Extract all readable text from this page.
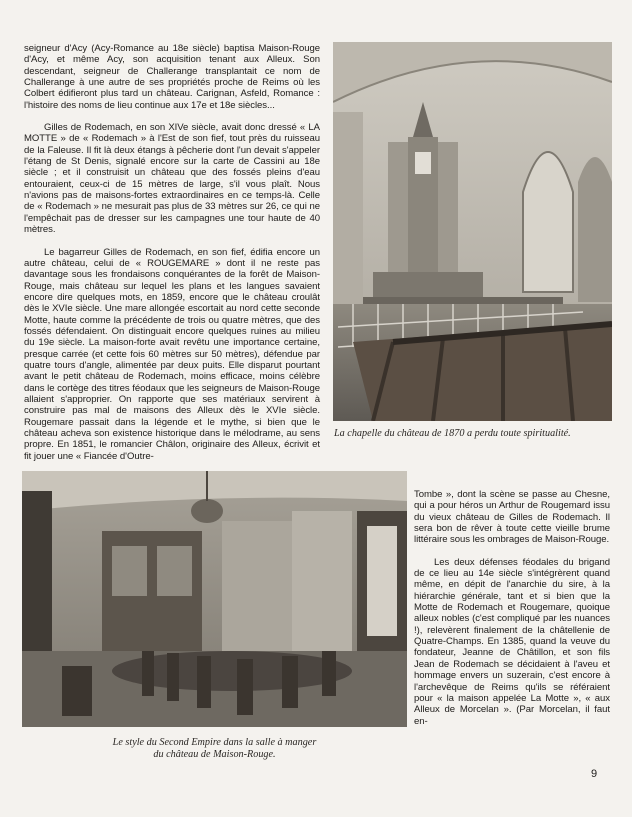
seigneur d'Acy (Acy-Romance au 18e siècle) baptisa Maison-Rouge d'Acy, et même Acy, son acquisition tenant aux Alleux. Son descendant, seigneur de Challerange transplantait ce nom de Challerange à une autre de ses propriétés proche de Reims où les Colbert édifieront plus tard un château. Carignan, Asfeld, Romance : l'histoire des noms de lieu continue aux 17e et 18e siècles...

Gilles de Rodemach, en son XIVe siècle, avait donc dressé « LA MOTTE » de « Rodemach » à l'Est de son fief, tout près du ruisseau de la Faleuse. Il fit là deux étangs à pêcherie dont l'un devait s'appeler l'étang de St Denis, signalé encore sur la carte de Cassini au 18e siècle ; et il construisit un château que des fossés pleins d'eau entouraient, ceux-ci de 15 mètres de large, s'il vous plaît. Nous n'avions pas de maisons-fortes extraordinaires en ce temps-là. Celle de « Rodemach » ne mesurait pas plus de 33 mètres sur 26, ce qui ne l'empêchait pas de dresser sur les campagnes une tour haute de 40 mètres.

Le bagarreur Gilles de Rodemach, en son fief, édifia encore un autre château, celui de « ROUGEMARE » dont il ne reste pas davantage sous les frondaisons conquérantes de la forêt de Maison-Rouge, mais château sur lequel les plans et les langues savaient encore dire quelques mots, en 1859, encore que le château croulât dès le XVIe siècle. Une mare allongée escortait au nord cette seconde Motte, haute comme la précédente de trois ou quatre mètres, que des fossés défendaient. On distinguait encore quelques ruines au milieu du 19e siècle. La maison-forte avait revêtu une importance certaine, presque carrée (et cette fois 60 mètres sur 50 mètres), défendue par quatre tours d'angle, alimentée par deux puits. Elle disparut pourtant avant le petit château de Rodemach, moins efficace, moins célèbre dans le cortège des titres féodaux que les seigneurs de Maison-Rouge allaient s'approprier. On rapporte que ses matériaux servirent à construire pas mal de maisons des Alleux dès le XVIe siècle. Rougemare passait dans la légende et le mythe, si bien que le château acheva son existence historique dans le mélodrame, au sens propre. En 1851, le romancier Châlon, originaire des Alleux, écrivit et fit jouer une « Fiancée d'Outre-

La chapelle du château de 1870 a perdu toute spiritualité.
Le style du Second Empire dans la salle à manger
du château de Maison-Rouge.

Tombe », dont la scène se passe au Chesne, qui a pour héros un Arthur de Rougemard issu du vieux château de Gilles de Rodemach. Il sera bon de rêver à toute cette vieille brume littéraire sous les ombrages de Maison-Rouge.

Les deux défenses féodales du brigand de ce lieu au 14e siècle s'intégrèrent quand même, en dépit de l'anarchie du sire, à la hiérarchie générale, tant et si bien que la Motte de Rodemach et Rougemare, quoique alleux nobles (c'est compliqué par les nuances !), relevèrent finalement de la châtellenie de Quatre-Champs. En 1385, quand la veuve du fondateur, Jeanne de Châtillon, et son fils Jean de Rodemach se décidaient à l'aveu et hommage envers un suzerain, c'est encore à l'archevêque de Reims qu'ils se référaient pour « la maison appelée La Motte », « aux Alleux de Morcelan ». (Par Morcelan, il faut en-

9
